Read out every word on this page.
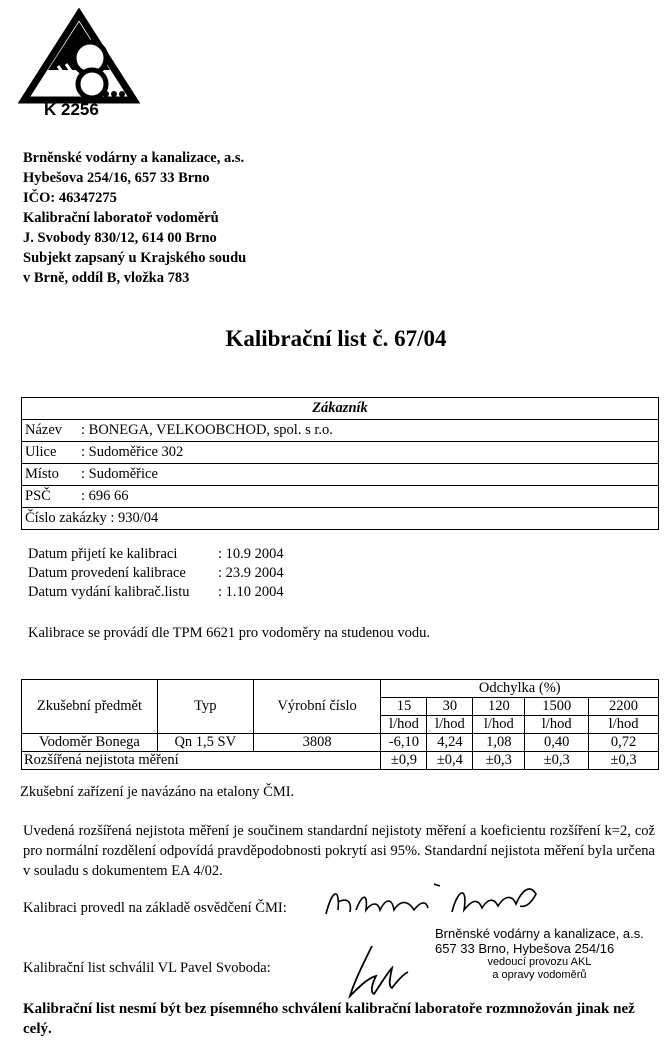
K 2256
Brněnské vodárny a kanalizace, a.s.
Hybešova 254/16, 657 33 Brno
IČO: 46347275
Kalibrační laboratoř vodoměrů
J. Svobody 830/12, 614 00 Brno
Subjekt zapsaný u Krajského soudu
v Brně, oddíl B, vložka 783
Kalibrační list č. 67/04
Zákazník
Název : BONEGA, VELKOOBCHOD, spol. s r.o.
Ulice : Sudoměřice 302
Místo : Sudoměřice
PSČ : 696 66
Číslo zakázky : 930/04
Datum přijetí ke kalibraci	: 10.9 2004
Datum provedení kalibrace : 23.9 2004
Datum vydání kalibrač.listu : 1.10 2004
Kalibrace se provádí dle TPM 6621 pro vodoměry na studenou vodu.
Zkušební předmět	Typ	Výrobní číslo	Odchylka (%)				
			15	30	120	1500	2200
			l/hod	l/hod	l/hod	l/hod	l/hod
Vodoměr Bonega	Qn 1,5 SV	3808	-6,10	4,24	1,08	0,40	0,72
Rozšířená nejistota měření			±0,9	±0,4	±0,3	±0,3	±0,3
Zkušební zařízení je navázáno na etalony ČMI.
Uvedená rozšířená nejistota měření je součinem standardní nejistoty měření a koeficientu rozšíření k=2, což pro normální rozdělení odpovídá pravděpodobnosti pokrytí asi 95%. Standardní nejistota měření byla určena v souladu s dokumentem EA 4/02.
Kalibraci provedl na základě osvědčení ČMI:
Brněnské vodárny a kanalizace, a.s.
657 33 Brno, Hybešova 254/16
vedoucí provozu AKL
a opravy vodoměrů
Kalibrační list schválil VL Pavel Svoboda:
Kalibrační list nesmí být bez písemného schválení kalibrační laboratoře rozmnožován jinak než celý.
